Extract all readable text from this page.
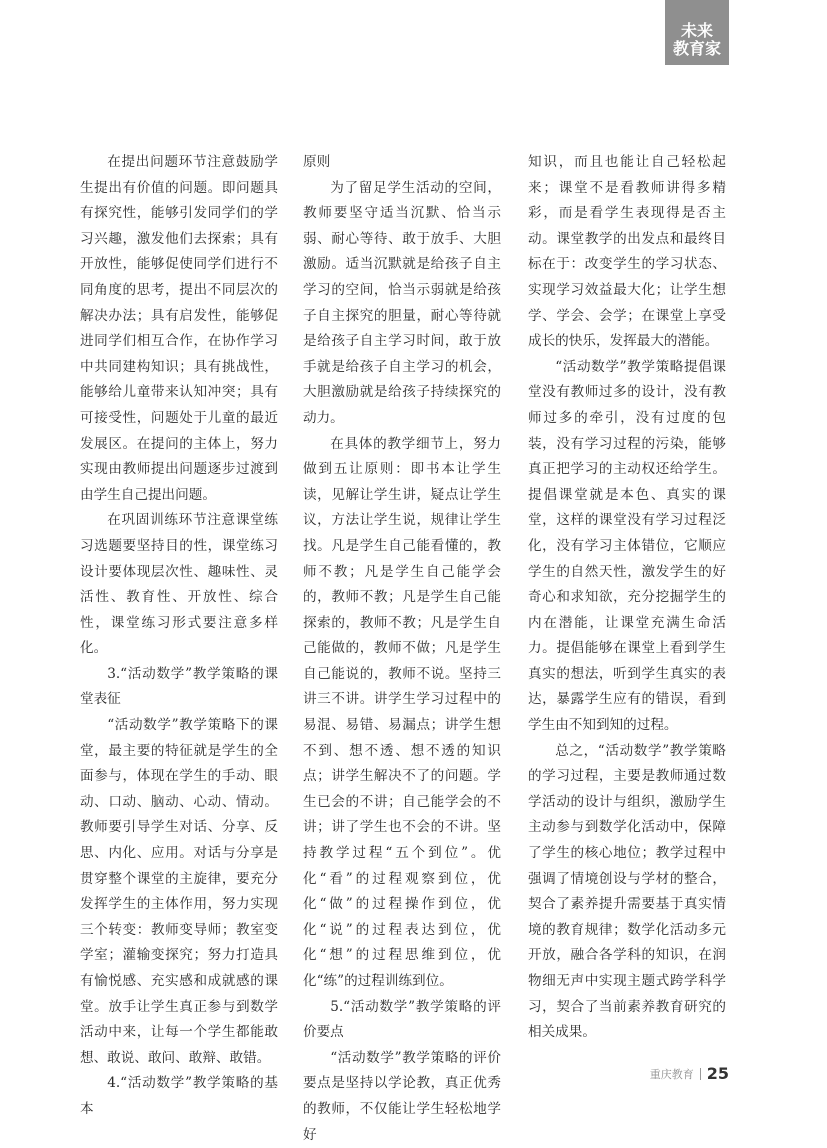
未来
教育家

在提出问题环节注意鼓励学生提出有价值的问题。即问题具有探究性，能够引发同学们的学习兴趣，激发他们去探索；具有开放性，能够促使同学们进行不同角度的思考，提出不同层次的解决办法；具有启发性，能够促进同学们相互合作，在协作学习中共同建构知识；具有挑战性，能够给儿童带来认知冲突；具有可接受性，问题处于儿童的最近发展区。在提问的主体上，努力实现由教师提出问题逐步过渡到由学生自己提出问题。

在巩固训练环节注意课堂练习选题要坚持目的性，课堂练习设计要体现层次性、趣味性、灵活性、教育性、开放性、综合性，课堂练习形式要注意多样化。

3.“活动数学”教学策略的课堂表征

“活动数学”教学策略下的课堂，最主要的特征就是学生的全面参与，体现在学生的手动、眼动、口动、脑动、心动、情动。教师要引导学生对话、分享、反思、内化、应用。对话与分享是贯穿整个课堂的主旋律，要充分发挥学生的主体作用，努力实现三个转变：教师变导师；教室变学室；灌输变探究；努力打造具有愉悦感、充实感和成就感的课堂。放手让学生真正参与到数学活动中来，让每一个学生都能敢想、敢说、敢问、敢辩、敢错。

4.“活动数学”教学策略的基本

原则

为了留足学生活动的空间，教师要坚守适当沉默、恰当示弱、耐心等待、敢于放手、大胆激励。适当沉默就是给孩子自主学习的空间，恰当示弱就是给孩子自主探究的胆量，耐心等待就是给孩子自主学习时间，敢于放手就是给孩子自主学习的机会，大胆激励就是给孩子持续探究的动力。

在具体的教学细节上，努力做到五让原则：即书本让学生读，见解让学生讲，疑点让学生议，方法让学生说，规律让学生找。凡是学生自己能看懂的，教师不教；凡是学生自己能学会的，教师不教；凡是学生自己能探索的，教师不教；凡是学生自己能做的，教师不做；凡是学生自己能说的，教师不说。坚持三讲三不讲。讲学生学习过程中的易混、易错、易漏点；讲学生想不到、想不透、想不透的知识点；讲学生解决不了的问题。学生已会的不讲；自己能学会的不讲；讲了学生也不会的不讲。坚持教学过程“五个到位”。优化“看”的过程观察到位，优化“做”的过程操作到位，优化“说”的过程表达到位，优化“想”的过程思维到位，优化“练”的过程训练到位。

5.“活动数学”教学策略的评价要点

“活动数学”教学策略的评价要点是坚持以学论教，真正优秀的教师，不仅能让学生轻松地学好

知识，而且也能让自己轻松起来；课堂不是看教师讲得多精彩，而是看学生表现得是否主动。课堂教学的出发点和最终目标在于：改变学生的学习状态、实现学习效益最大化；让学生想学、学会、会学；在课堂上享受成长的快乐，发挥最大的潜能。

“活动数学”教学策略提倡课堂没有教师过多的设计，没有教师过多的牵引，没有过度的包装，没有学习过程的污染，能够真正把学习的主动权还给学生。提倡课堂就是本色、真实的课堂，这样的课堂没有学习过程泛化，没有学习主体错位，它顺应学生的自然天性，激发学生的好奇心和求知欲，充分挖掘学生的内在潜能，让课堂充满生命活力。提倡能够在课堂上看到学生真实的想法，听到学生真实的表达，暴露学生应有的错误，看到学生由不知到知的过程。

总之，“活动数学”教学策略的学习过程，主要是教师通过数学活动的设计与组织，激励学生主动参与到数学化活动中，保障了学生的核心地位；教学过程中强调了情境创设与学材的整合，契合了素养提升需要基于真实情境的教育规律；数学化活动多元开放，融合各学科的知识，在润物细无声中实现主题式跨学科学习，契合了当前素养教育研究的相关成果。

重庆教育 25
